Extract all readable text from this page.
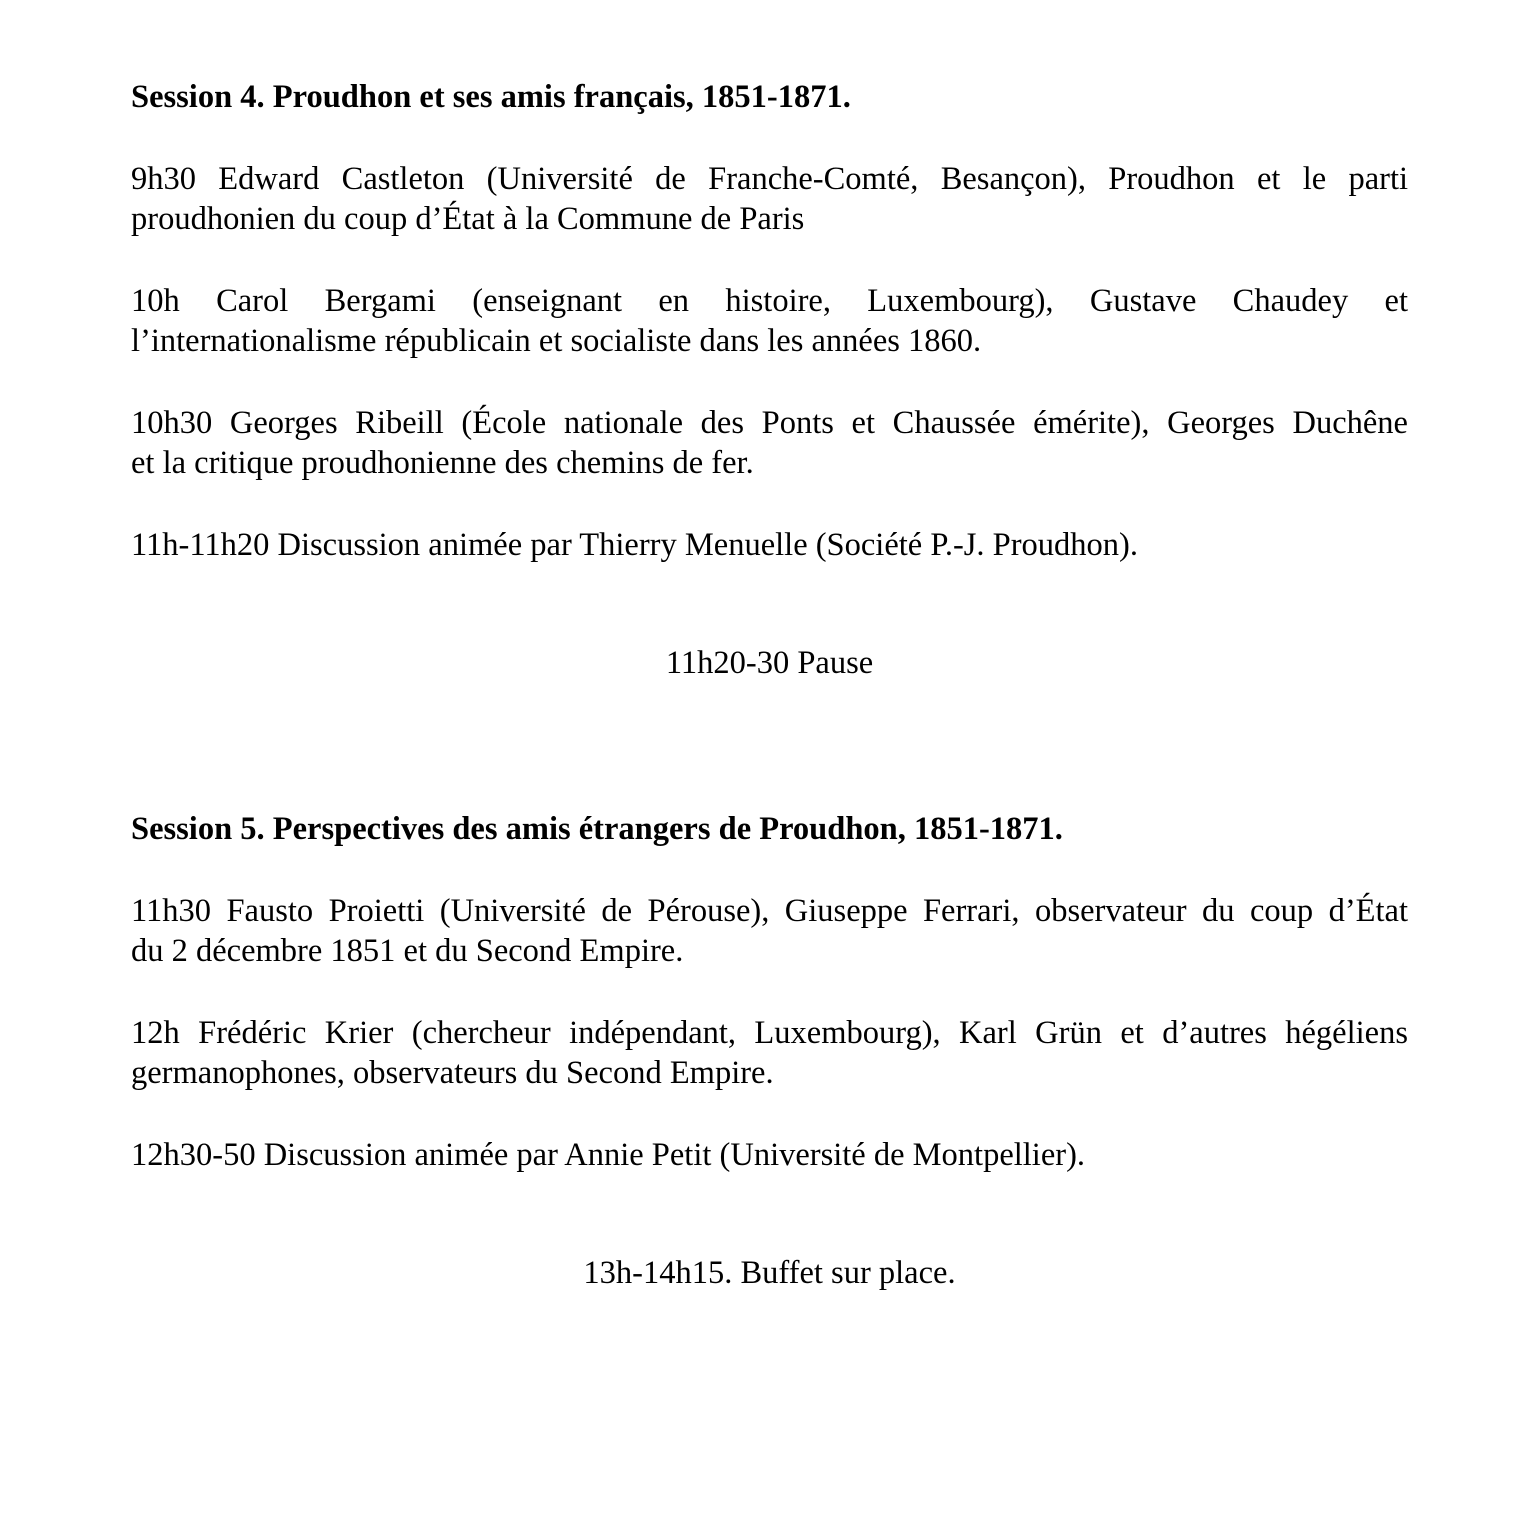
Session 4. Proudhon et ses amis français, 1851-1871.

9h30 Edward Castleton (Université de Franche-Comté, Besançon), Proudhon et le parti
proudhonien du coup d’État à la Commune de Paris

10h Carol Bergami (enseignant en histoire, Luxembourg), Gustave Chaudey et
l’internationalisme républicain et socialiste dans les années 1860.

10h30 Georges Ribeill (École nationale des Ponts et Chaussée émérite), Georges Duchêne
et la critique proudhonienne des chemins de fer.

11h-11h20 Discussion animée par Thierry Menuelle (Société P.-J. Proudhon).

11h20-30 Pause

Session 5. Perspectives des amis étrangers de Proudhon, 1851-1871.

11h30 Fausto Proietti (Université de Pérouse), Giuseppe Ferrari, observateur du coup d’État
du 2 décembre 1851 et du Second Empire.

12h Frédéric Krier (chercheur indépendant, Luxembourg), Karl Grün et d’autres hégéliens
germanophones, observateurs du Second Empire.

12h30-50 Discussion animée par Annie Petit (Université de Montpellier).

13h-14h15. Buffet sur place.
